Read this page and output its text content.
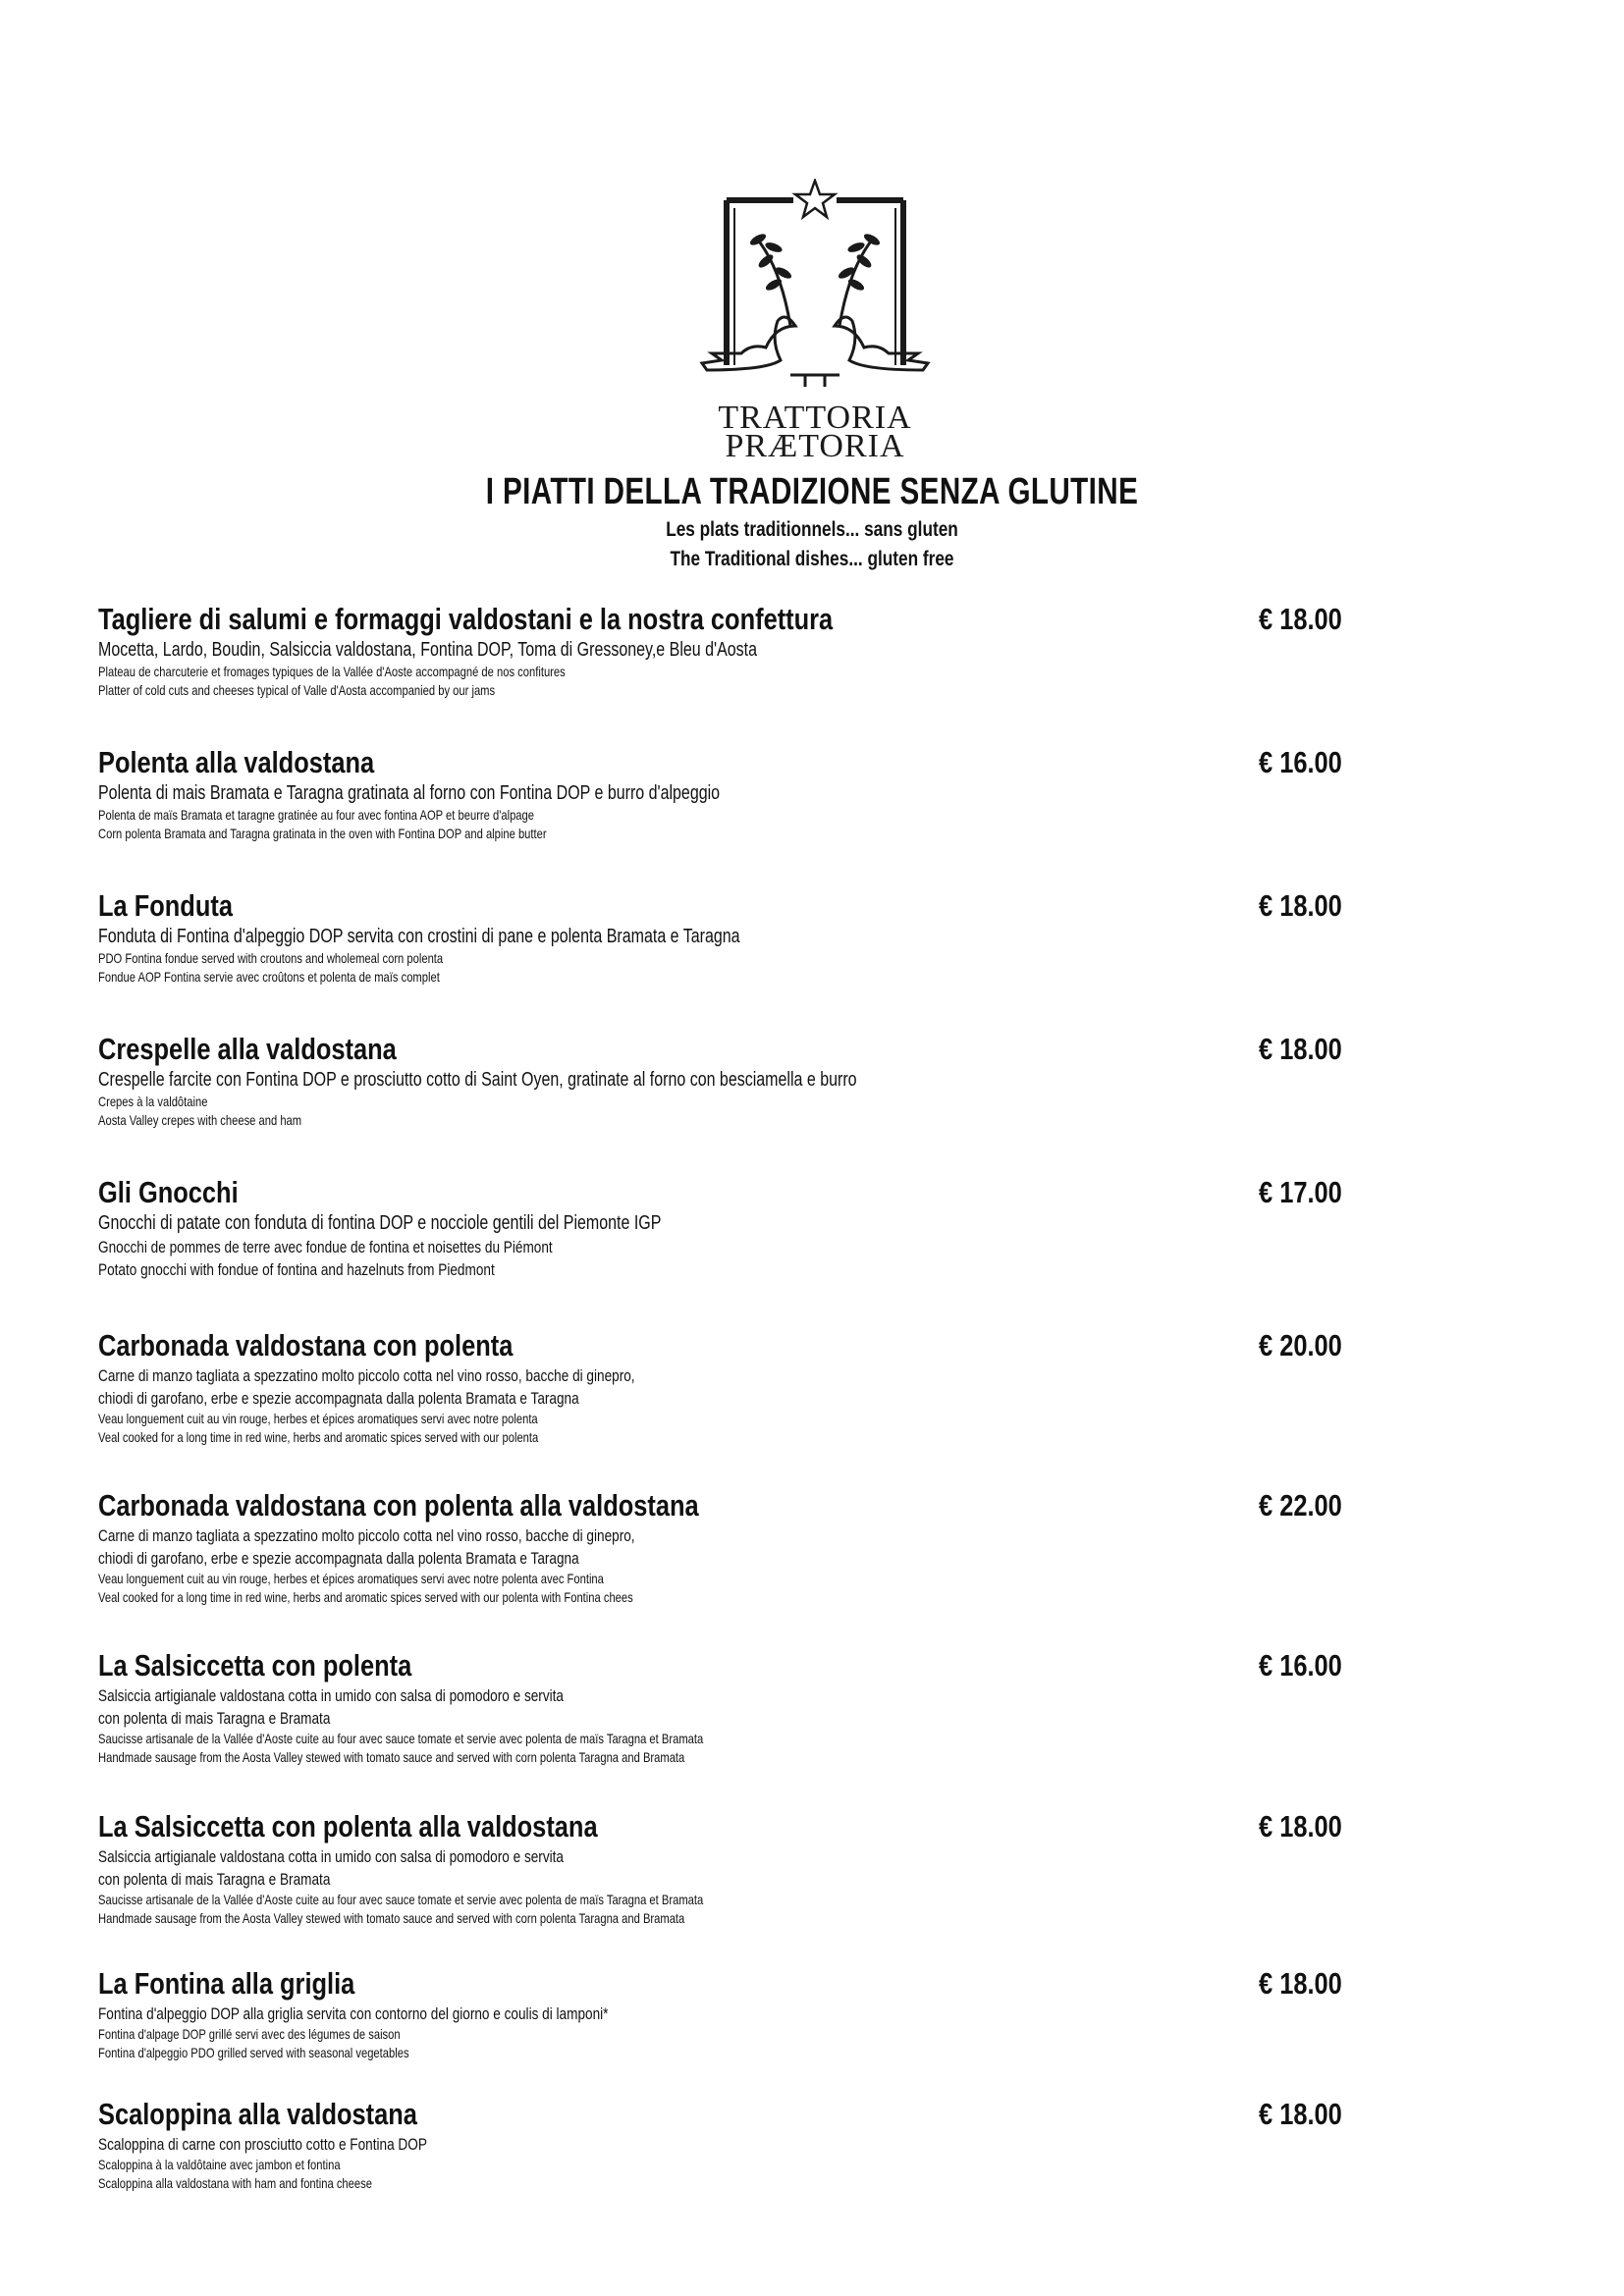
TRATTORIA
PRÆTORIA
I PIATTI DELLA TRADIZIONE SENZA GLUTINE
Les plats traditionnels... sans gluten
The Traditional dishes... gluten free
Tagliere di salumi e formaggi valdostani e la nostra confettura	€ 18.00
Mocetta, Lardo, Boudin, Salsiccia valdostana, Fontina DOP, Toma di Gressoney,e Bleu d'Aosta
Plateau de charcuterie et fromages typiques de la Vallée d'Aoste accompagné de nos confitures
Platter of cold cuts and cheeses typical of Valle d'Aosta accompanied by our jams
Polenta alla valdostana	€ 16.00
Polenta di mais Bramata e Taragna gratinata al forno con Fontina DOP e burro d'alpeggio
Polenta de maïs Bramata et taragne gratinée au four avec fontina AOP et beurre d'alpage
Corn polenta Bramata and Taragna gratinata in the oven with Fontina DOP and alpine butter
La Fonduta	€ 18.00
Fonduta di Fontina d'alpeggio DOP servita con crostini di pane e polenta Bramata e Taragna
PDO Fontina fondue served with croutons and wholemeal corn polenta
Fondue AOP Fontina servie avec croûtons et polenta de maïs complet
Crespelle alla valdostana	€ 18.00
Crespelle farcite con Fontina DOP e prosciutto cotto di Saint Oyen, gratinate al forno con besciamella e burro
Crepes à la valdôtaine
Aosta Valley crepes with cheese and ham
Gli Gnocchi	€ 17.00
Gnocchi di patate con fonduta di fontina DOP e nocciole gentili del Piemonte IGP
Gnocchi de pommes de terre avec fondue de fontina et noisettes du Piémont
Potato gnocchi with fondue of fontina and hazelnuts from Piedmont
Carbonada valdostana con polenta	€ 20.00
Carne di manzo tagliata a spezzatino molto piccolo cotta nel vino rosso, bacche di ginepro,
chiodi di garofano, erbe e spezie accompagnata dalla polenta Bramata e Taragna
Veau longuement cuit au vin rouge, herbes et épices aromatiques servi avec notre polenta
Veal cooked for a long time in red wine, herbs and aromatic spices served with our polenta
Carbonada valdostana con polenta alla valdostana	€ 22.00
Carne di manzo tagliata a spezzatino molto piccolo cotta nel vino rosso, bacche di ginepro,
chiodi di garofano, erbe e spezie accompagnata dalla polenta Bramata e Taragna
Veau longuement cuit au vin rouge, herbes et épices aromatiques servi avec notre polenta avec Fontina
Veal cooked for a long time in red wine, herbs and aromatic spices served with our polenta with Fontina chees
La Salsiccetta con polenta	€ 16.00
Salsiccia artigianale valdostana cotta in umido con salsa di pomodoro e servita
con polenta di mais Taragna e Bramata
Saucisse artisanale de la Vallée d'Aoste cuite au four avec sauce tomate et servie avec polenta de maïs Taragna et Bramata
Handmade sausage from the Aosta Valley stewed with tomato sauce and served with corn polenta Taragna and Bramata
La Salsiccetta con polenta alla valdostana	€ 18.00
Salsiccia artigianale valdostana cotta in umido con salsa di pomodoro e servita
con polenta di mais Taragna e Bramata
Saucisse artisanale de la Vallée d'Aoste cuite au four avec sauce tomate et servie avec polenta de maïs Taragna et Bramata
Handmade sausage from the Aosta Valley stewed with tomato sauce and served with corn polenta Taragna and Bramata
La Fontina alla griglia	€ 18.00
Fontina d'alpeggio DOP alla griglia servita con contorno del giorno e coulis di lamponi*
Fontina d'alpage DOP grillé servi avec des légumes de saison
Fontina d'alpeggio PDO grilled served with seasonal vegetables
Scaloppina alla valdostana	€ 18.00
Scaloppina di carne con prosciutto cotto e Fontina DOP
Scaloppina à la valdôtaine avec jambon et fontina
Scaloppina alla valdostana with ham and fontina cheese
